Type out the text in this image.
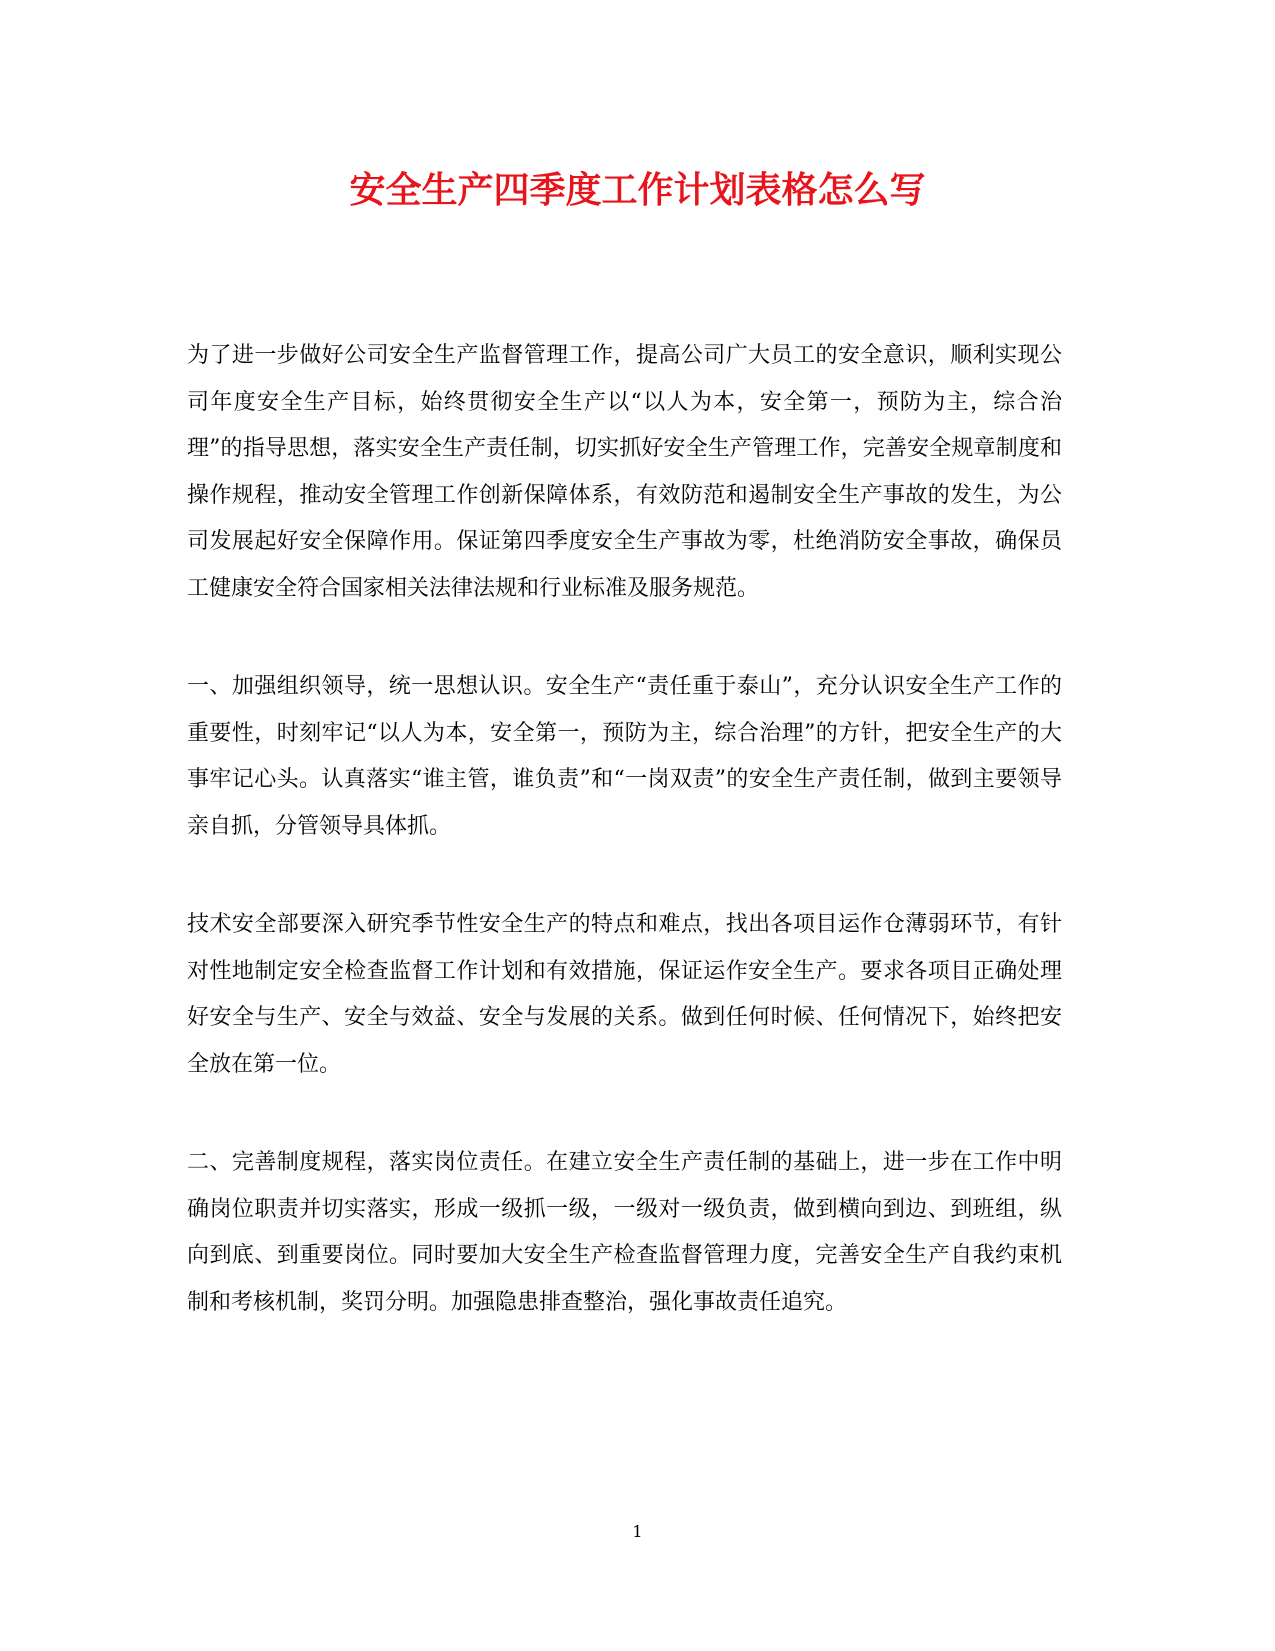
安全生产四季度工作计划表格怎么写

为了进一步做好公司安全生产监督管理工作，提高公司广大员工的安全意识，顺利实现公司年度安全生产目标，始终贯彻安全生产以“以人为本，安全第一，预防为主，综合治理”的指导思想，落实安全生产责任制，切实抓好安全生产管理工作，完善安全规章制度和操作规程，推动安全管理工作创新保障体系，有效防范和遏制安全生产事故的发生，为公司发展起好安全保障作用。保证第四季度安全生产事故为零，杜绝消防安全事故，确保员工健康安全符合国家相关法律法规和行业标准及服务规范。

一、加强组织领导，统一思想认识。安全生产“责任重于泰山”，充分认识安全生产工作的重要性，时刻牢记“以人为本，安全第一，预防为主，综合治理”的方针，把安全生产的大事牢记心头。认真落实“谁主管，谁负责”和“一岗双责”的安全生产责任制，做到主要领导亲自抓，分管领导具体抓。

技术安全部要深入研究季节性安全生产的特点和难点，找出各项目运作仓薄弱环节，有针对性地制定安全检查监督工作计划和有效措施，保证运作安全生产。要求各项目正确处理好安全与生产、安全与效益、安全与发展的关系。做到任何时候、任何情况下，始终把安全放在第一位。

二、完善制度规程，落实岗位责任。在建立安全生产责任制的基础上，进一步在工作中明确岗位职责并切实落实，形成一级抓一级，一级对一级负责，做到横向到边、到班组，纵向到底、到重要岗位。同时要加大安全生产检查监督管理力度，完善安全生产自我约束机制和考核机制，奖罚分明。加强隐患排查整治，强化事故责任追究。

1
